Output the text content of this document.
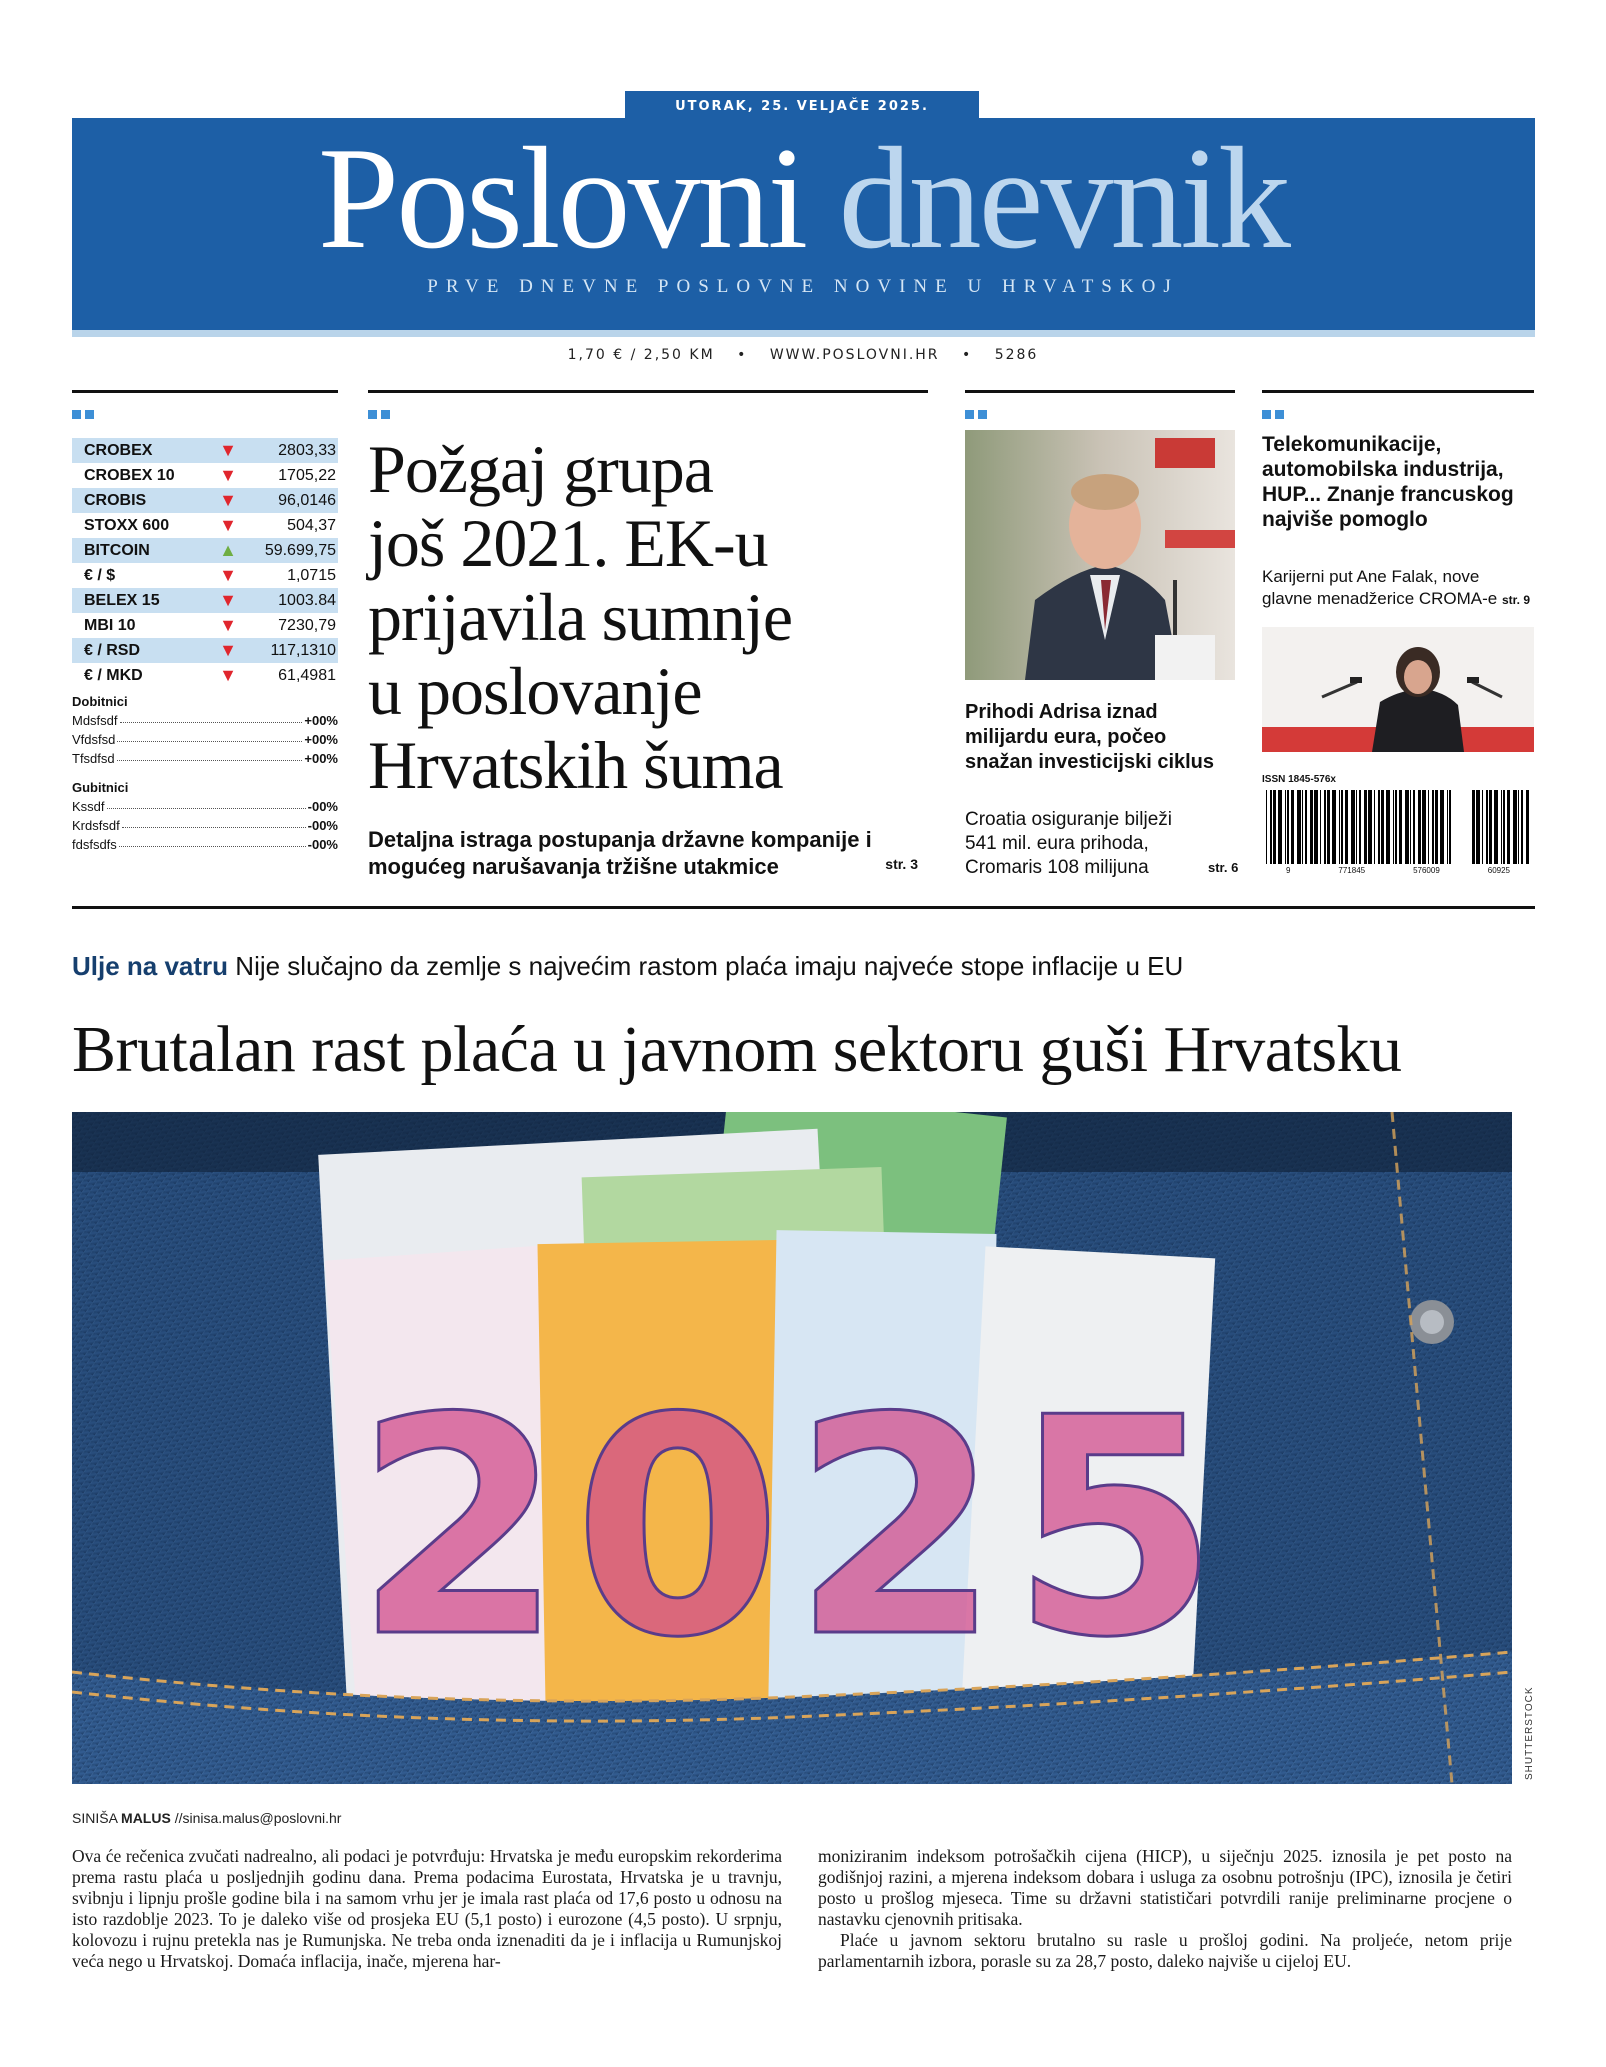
UTORAK, 25. VELJAČE 2025.
Poslovni dnevnik
PRVE DNEVNE POSLOVNE NOVINE U HRVATSKOJ
1,70 € / 2,50 KM • WWW.POSLOVNI.HR • 5286
CROBEX	▼	2803,33
CROBEX 10	▼	1705,22
CROBIS	▼	96,0146
STOXX 600	▼	504,37
BITCOIN	▲	59.699,75
€ / $	▼	1,0715
BELEX 15	▼	1003.84
MBI 10	▼	7230,79
€ / RSD	▼	117,1310
€ / MKD	▼	61,4981
Dobitnici
Mdsfsdf	+00%
Vfdsfsd	+00%
Tfsdfsd	+00%
Gubitnici
Kssdf	-00%
Krdsfsdf	-00%
fdsfsdfs	-00%
Požgaj grupa
još 2021. EK-u
prijavila sumnje
u poslovanje
Hrvatskih šuma
Detaljna istraga postupanja državne kompanije i mogućeg narušavanja tržišne utakmice	str. 3
Prihodi Adrisa iznad milijardu eura, počeo snažan investicijski ciklus
Croatia osiguranje bilježi 541 mil. eura prihoda, Cromaris 108 milijuna	str. 6
Telekomunikacije, automobilska industrija, HUP... Znanje francuskog najviše pomoglo
Karijerni put Ane Falak, nove glavne menadžerice CROMA-e str. 9
ISSN 1845-576x
9	771845	576009	60925
Ulje na vatru Nije slučajno da zemlje s najvećim rastom plaća imaju najveće stope inflacije u EU
Brutalan rast plaća u javnom sektoru guši Hrvatsku
2025
SHUTTERSTOCK
SINIŠA MALUS //sinisa.malus@poslovni.hr

Ova će rečenica zvučati nadrealno, ali podaci je potvrđuju: Hrvatska je među europskim rekorderima prema rastu plaća u posljednjih godinu dana. Prema podacima Eurostata, Hrvatska je u travnju, svibnju i lipnju prošle godine bila i na samom vrhu jer je imala rast plaća od 17,6 posto u odnosu na isto razdoblje 2023. To je daleko više od prosjeka EU (5,1 posto) i eurozone (4,5 posto). U srpnju, kolovozu i rujnu pretekla nas je Rumunjska. Ne treba onda iznenaditi da je i inflacija u Rumunjskoj veća nego u Hrvatskoj. Domaća inflacija, inače, mjerena har-

moniziranim indeksom potrošačkih cijena (HICP), u siječnju 2025. iznosila je pet posto na godišnjoj razini, a mjerena indeksom dobara i usluga za osobnu potrošnju (IPC), iznosila je četiri posto u prošlog mjeseca. Time su državni statističari potvrdili ranije preliminarne procjene o nastavku cjenovnih pritisaka.

Plaće u javnom sektoru brutalno su rasle u prošloj godini. Na proljeće, netom prije parlamentarnih izbora, porasle su za 28,7 posto, daleko najviše u cijeloj EU.
